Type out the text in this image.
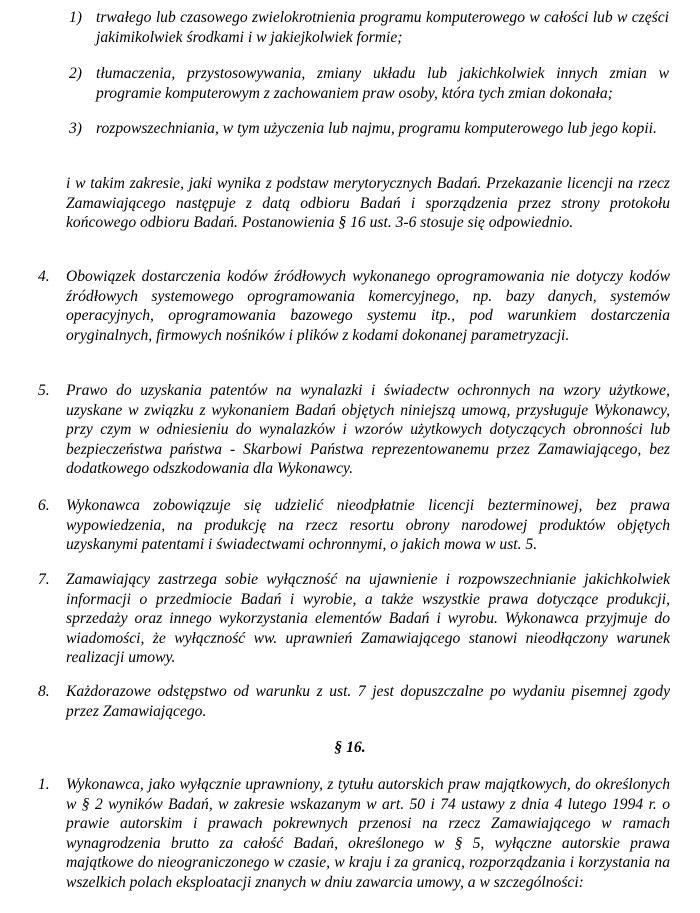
1) trwałego lub czasowego zwielokrotnienia programu komputerowego w całości lub w części jakimikolwiek środkami i w jakiejkolwiek formie;
2) tłumaczenia, przystosowywania, zmiany układu lub jakichkolwiek innych zmian w programie komputerowym z zachowaniem praw osoby, która tych zmian dokonała;
3) rozpowszechniania, w tym użyczenia lub najmu, programu komputerowego lub jego kopii.
i w takim zakresie, jaki wynika z podstaw merytorycznych Badań. Przekazanie licencji na rzecz Zamawiającego następuje z datą odbioru Badań i sporządzenia przez strony protokołu końcowego odbioru Badań. Postanowienia § 16 ust. 3-6 stosuje się odpowiednio.
4. Obowiązek dostarczenia kodów źródłowych wykonanego oprogramowania nie dotyczy kodów źródłowych systemowego oprogramowania komercyjnego, np. bazy danych, systemów operacyjnych, oprogramowania bazowego systemu itp., pod warunkiem dostarczenia oryginalnych, firmowych nośników i plików z kodami dokonanej parametryzacji.
5. Prawo do uzyskania patentów na wynalazki i świadectw ochronnych na wzory użytkowe, uzyskane w związku z wykonaniem Badań objętych niniejszą umową, przysługuje Wykonawcy, przy czym w odniesieniu do wynalazków i wzorów użytkowych dotyczących obronności lub bezpieczeństwa państwa - Skarbowi Państwa reprezentowanemu przez Zamawiającego, bez dodatkowego odszkodowania dla Wykonawcy.
6. Wykonawca zobowiązuje się udzielić nieodpłatnie licencji bezterminowej, bez prawa wypowiedzenia, na produkcję na rzecz resortu obrony narodowej produktów objętych uzyskanymi patentami i świadectwami ochronnymi, o jakich mowa w ust. 5.
7. Zamawiający zastrzega sobie wyłączność na ujawnienie i rozpowszechnianie jakichkolwiek informacji o przedmiocie Badań i wyrobie, a także wszystkie prawa dotyczące produkcji, sprzedaży oraz innego wykorzystania elementów Badań i wyrobu. Wykonawca przyjmuje do wiadomości, że wyłączność ww. uprawnień Zamawiającego stanowi nieodłączony warunek realizacji umowy.
8. Każdorazowe odstępstwo od warunku z ust. 7 jest dopuszczalne po wydaniu pisemnej zgody przez Zamawiającego.
§ 16.
1. Wykonawca, jako wyłącznie uprawniony, z tytułu autorskich praw majątkowych, do określonych w § 2 wyników Badań, w zakresie wskazanym w art. 50 i 74 ustawy z dnia 4 lutego 1994 r. o prawie autorskim i prawach pokrewnych przenosi na rzecz Zamawiającego w ramach wynagrodzenia brutto za całość Badań, określonego w § 5, wyłączne autorskie prawa majątkowe do nieograniczonego w czasie, w kraju i za granicą, rozporządzania i korzystania na wszelkich polach eksploatacji znanych w dniu zawarcia umowy, a w szczególności:
